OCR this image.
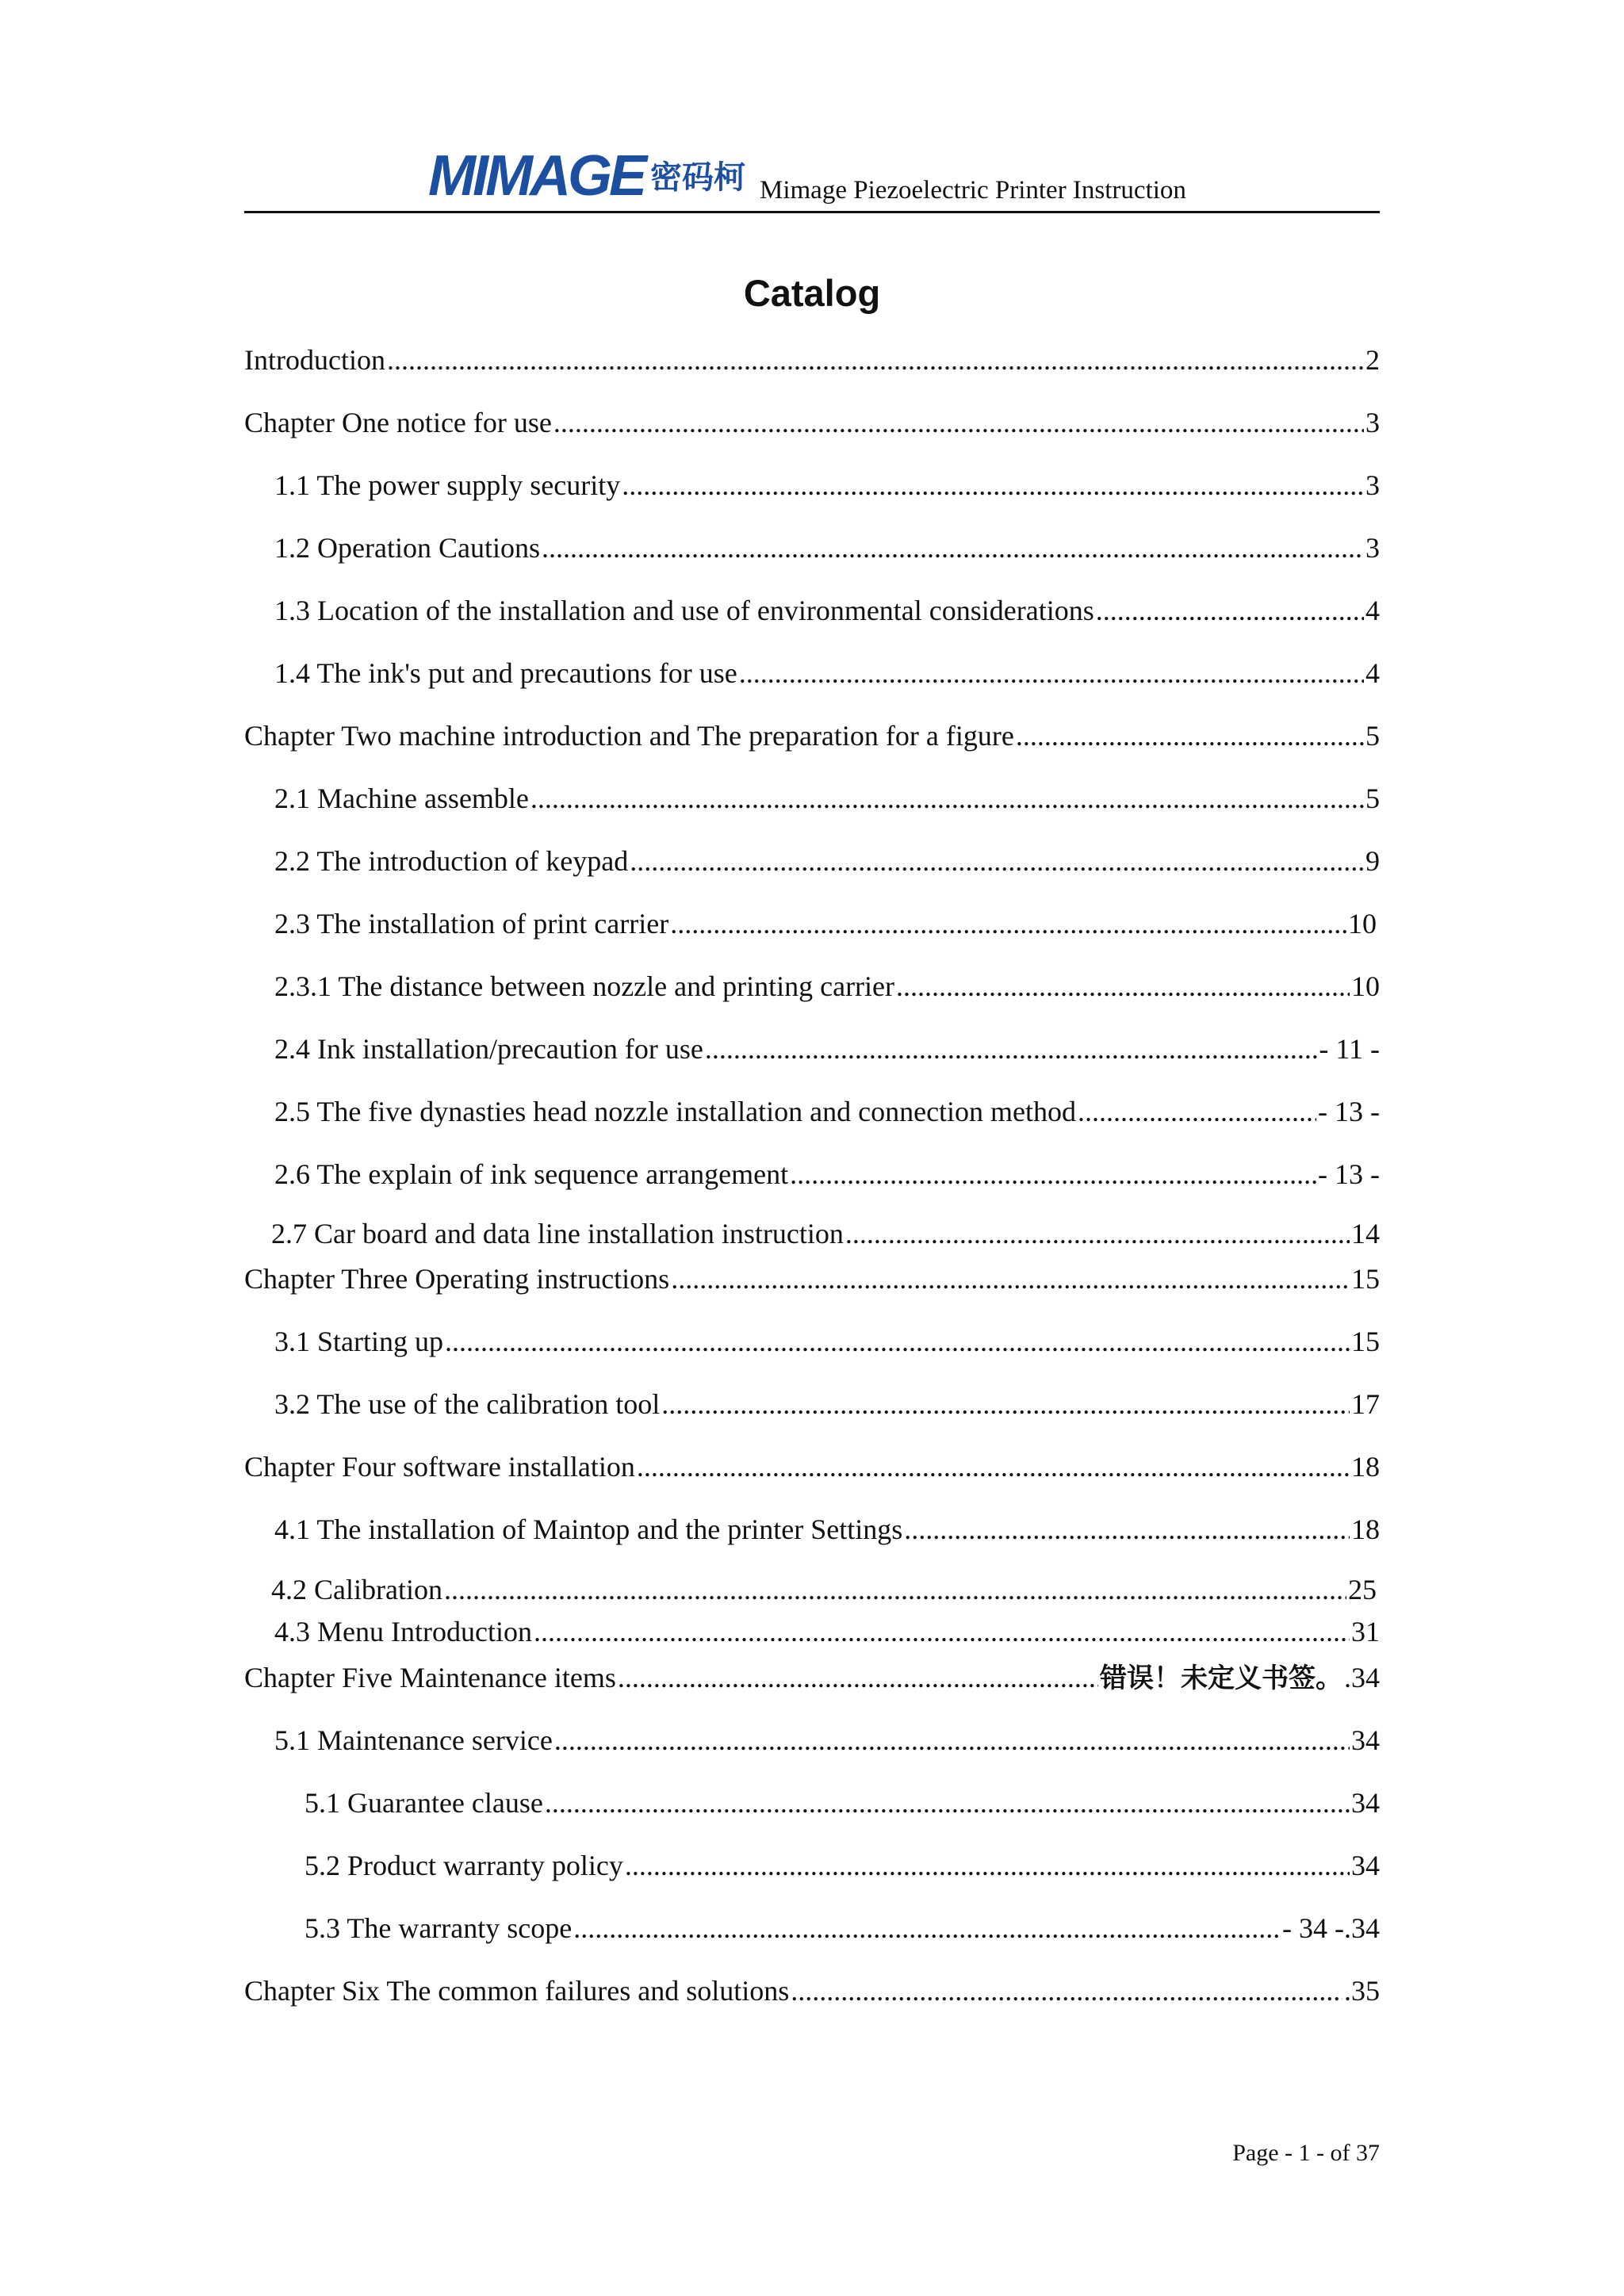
MIMAGE 密码柯 Mimage Piezoelectric Printer Instruction
Catalog
Introduction .....	2
Chapter One notice for use .....	3
1.1 The power supply security .....	3
1.2 Operation Cautions .....	3
1.3 Location of the installation and use of environmental considerations .....	4
1.4 The ink's put and precautions for use .....	4
Chapter Two machine introduction and The preparation for a figure .....	5
2.1 Machine assemble .....	5
2.2 The introduction of keypad .....	9
2.3 The installation of print carrier .....	10
2.3.1 The distance between nozzle and printing carrier .....	10
2.4 Ink installation/precaution for use .....	- 11 -
2.5 The five dynasties head nozzle installation and connection method .....	- 13 -
2.6 The explain of ink sequence arrangement .....	- 13 -
2.7 Car board and data line installation instruction .....	14
Chapter Three Operating instructions .....	15
3.1 Starting up .....	15
3.2 The use of the calibration tool .....	17
Chapter Four software installation .....	18
4.1 The installation of Maintop and the printer Settings .....	18
4.2 Calibration .....	25
4.3 Menu Introduction .....	31
Chapter Five Maintenance items .....	错误！未定义书签。 .34
5.1 Maintenance service .....	34
5.1 Guarantee clause .....	34
5.2 Product warranty policy .....	34
5.3 The warranty scope .....	- 34 -.34
Chapter Six The common failures and solutions .....	.35
Page - 1 - of 37
